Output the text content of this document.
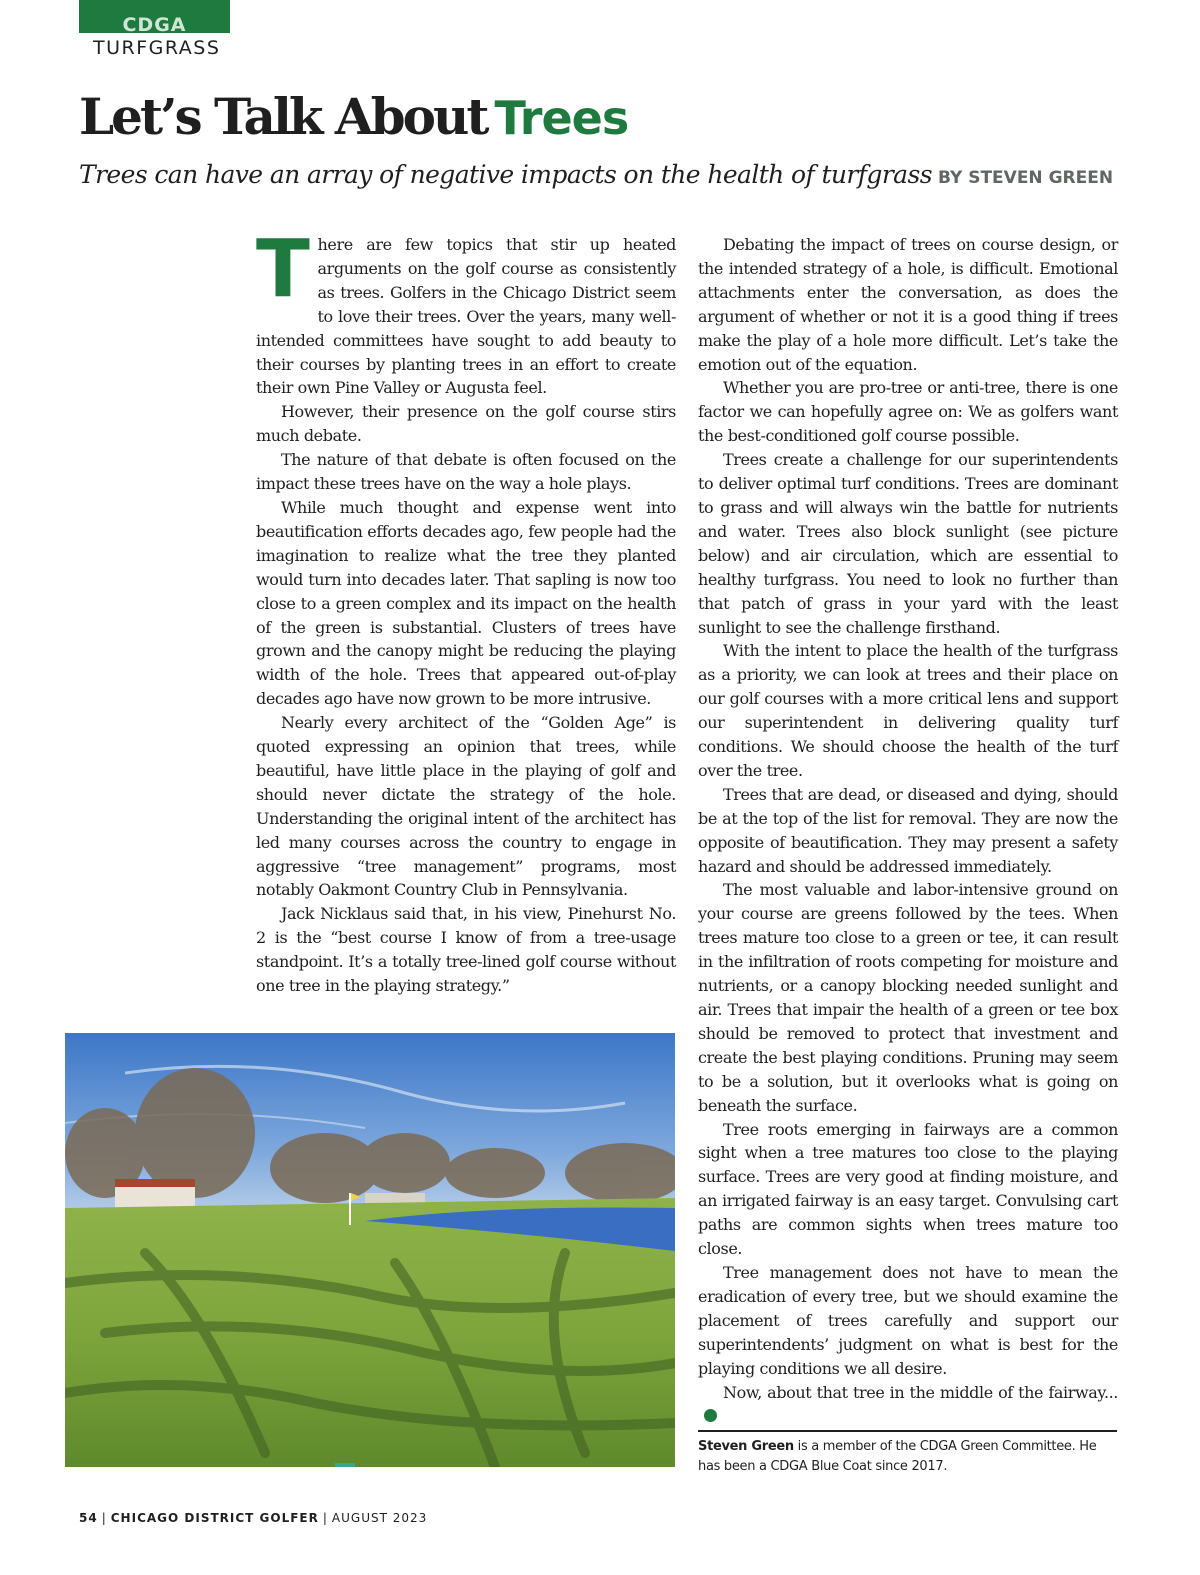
CDGA
TURFGRASS
Let’s Talk About Trees
Trees can have an array of negative impacts on the health of turfgrass BY STEVEN GREEN

There are few topics that stir up heated arguments on the golf course as consistently as trees. Golfers in the Chicago District seem to love their trees. Over the years, many well-intended committees have sought to add beauty to their courses by planting trees in an effort to create their own Pine Valley or Augusta feel.

However, their presence on the golf course stirs much debate.

The nature of that debate is often focused on the impact these trees have on the way a hole plays.

While much thought and expense went into beautification efforts decades ago, few people had the imagination to realize what the tree they planted would turn into decades later. That sapling is now too close to a green complex and its impact on the health of the green is substantial. Clusters of trees have grown and the canopy might be reducing the playing width of the hole. Trees that appeared out-of-play decades ago have now grown to be more intrusive.

Nearly every architect of the “Golden Age” is quoted expressing an opinion that trees, while beautiful, have little place in the playing of golf and should never dictate the strategy of the hole. Understanding the original intent of the architect has led many courses across the country to engage in aggressive “tree management” programs, most notably Oakmont Country Club in Pennsylvania.

Jack Nicklaus said that, in his view, Pinehurst No. 2 is the “best course I know of from a tree-usage standpoint. It’s a totally tree-lined golf course without one tree in the playing strategy.”

Debating the impact of trees on course design, or the intended strategy of a hole, is difficult. Emotional attachments enter the conversation, as does the argument of whether or not it is a good thing if trees make the play of a hole more difficult. Let’s take the emotion out of the equation.

Whether you are pro-tree or anti-tree, there is one factor we can hopefully agree on: We as golfers want the best-conditioned golf course possible.

Trees create a challenge for our superintendents to deliver optimal turf conditions. Trees are dominant to grass and will always win the battle for nutrients and water. Trees also block sunlight (see picture below) and air circulation, which are essential to healthy turfgrass. You need to look no further than that patch of grass in your yard with the least sunlight to see the challenge firsthand.

With the intent to place the health of the turfgrass as a priority, we can look at trees and their place on our golf courses with a more critical lens and support our superintendent in delivering quality turf conditions. We should choose the health of the turf over the tree.

Trees that are dead, or diseased and dying, should be at the top of the list for removal. They are now the opposite of beautification. They may present a safety hazard and should be addressed immediately.

The most valuable and labor-intensive ground on your course are greens followed by the tees. When trees mature too close to a green or tee, it can result in the infiltration of roots competing for moisture and nutrients, or a canopy blocking needed sunlight and air. Trees that impair the health of a green or tee box should be removed to protect that investment and create the best playing conditions. Pruning may seem to be a solution, but it overlooks what is going on beneath the surface.

Tree roots emerging in fairways are a common sight when a tree matures too close to the playing surface. Trees are very good at finding moisture, and an irrigated fairway is an easy target. Convulsing cart paths are common sights when trees mature too close.

Tree management does not have to mean the eradication of every tree, but we should examine the placement of trees carefully and support our superintendents’ judgment on what is best for the playing conditions we all desire.

Now, about that tree in the middle of the fairway...

Steven Green is a member of the CDGA Green Committee. He has been a CDGA Blue Coat since 2017.
54 | CHICAGO DISTRICT GOLFER | AUGUST 2023
